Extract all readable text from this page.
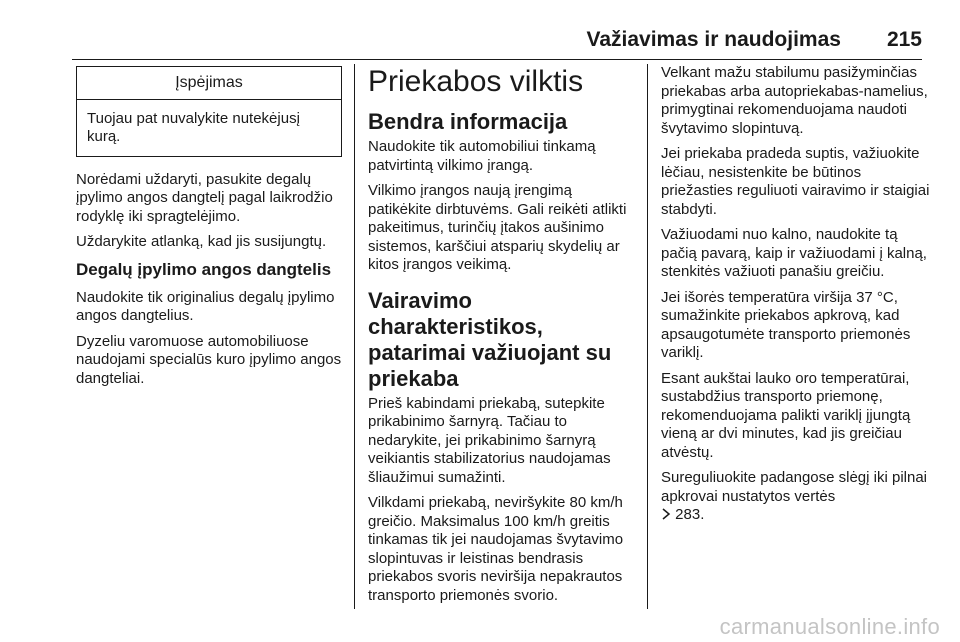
Važiavimas ir naudojimas 215
Įspėjimas
Tuojau pat nuvalykite nutekėjusį kurą.

Norėdami uždaryti, pasukite degalų įpylimo angos dangtelį pagal laikrodžio rodyklę iki spragtelėjimo.

Uždarykite atlanką, kad jis susijungtų.

Degalų įpylimo angos dangtelis

Naudokite tik originalius degalų įpylimo angos dangtelius.

Dyzeliu varomuose automobiliuose naudojami specialūs kuro įpylimo angos dangteliai.

Priekabos vilktis
Bendra informacija

Naudokite tik automobiliui tinkamą patvirtintą vilkimo įrangą.

Vilkimo įrangos naują įrengimą patikėkite dirbtuvėms. Gali reikėti atlikti pakeitimus, turinčių įtakos aušinimo sistemos, karščiui atsparių skydelių ar kitos įrangos veikimą.

Vairavimo charakteristikos, patarimai važiuojant su priekaba

Prieš kabindami priekabą, sutepkite prikabinimo šarnyrą. Tačiau to nedarykite, jei prikabinimo šarnyrą veikiantis stabilizatorius naudojamas šliaužimui sumažinti.

Vilkdami priekabą, neviršykite 80 km/h greičio. Maksimalus 100 km/h greitis tinkamas tik jei naudojamas švytavimo slopintuvas ir leistinas bendrasis priekabos svoris neviršija nepakrautos transporto priemonės svorio.

Velkant mažu stabilumu pasižyminčias priekabas arba autopriekabas-namelius, primygtinai rekomenduojama naudoti švytavimo slopintuvą.

Jei priekaba pradeda suptis, važiuokite lėčiau, nesistenkite be būtinos priežasties reguliuoti vairavimo ir staigiai stabdyti.

Važiuodami nuo kalno, naudokite tą pačią pavarą, kaip ir važiuodami į kalną, stenkitės važiuoti panašiu greičiu.

Jei išorės temperatūra viršija 37 °C, sumažinkite priekabos apkrovą, kad apsaugotumėte transporto priemonės variklį.

Esant aukštai lauko oro temperatūrai, sustabdžius transporto priemonę, rekomenduojama palikti variklį įjungtą vieną ar dvi minutes, kad jis greičiau atvėstų.

Sureguliuokite padangose slėgį iki pilnai apkrovai nustatytos vertės
283.

carmanualsonline.info
